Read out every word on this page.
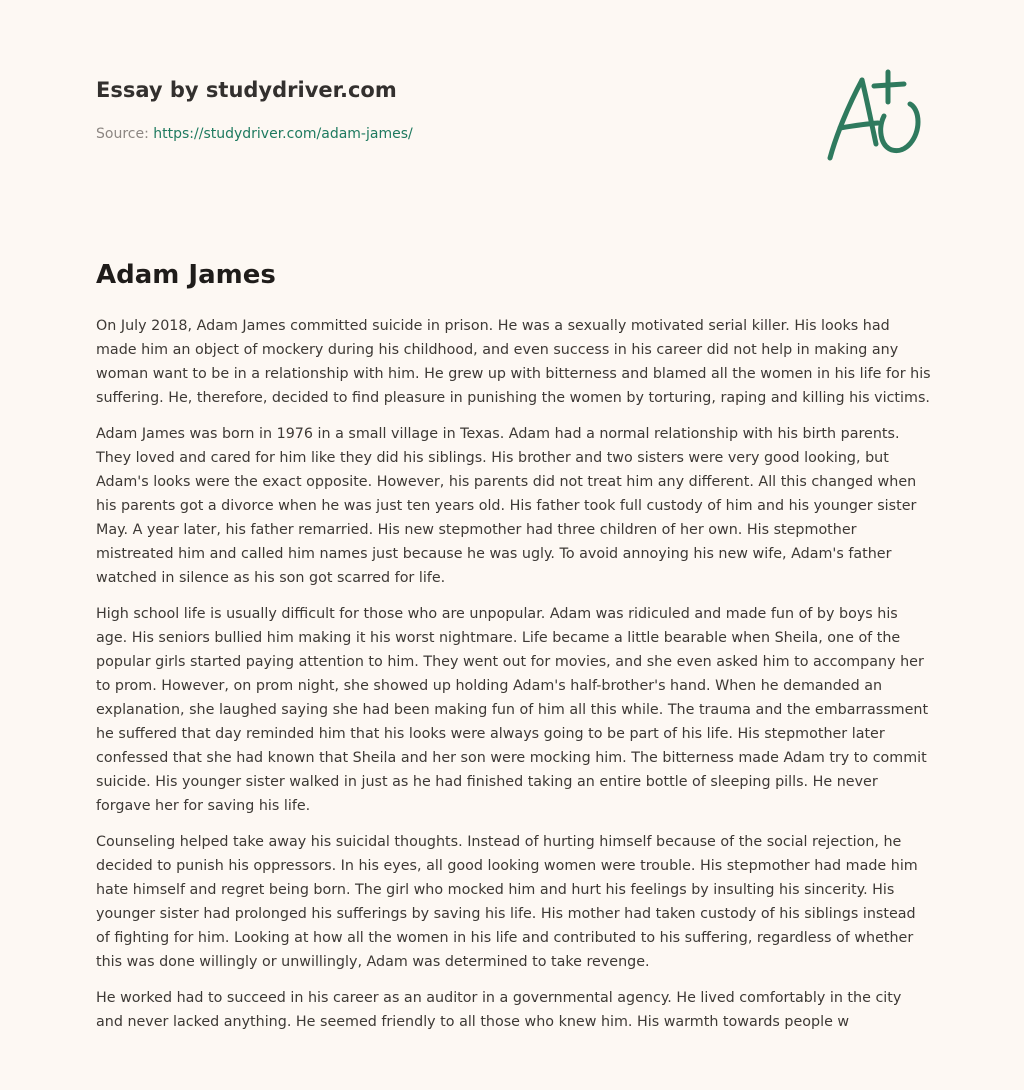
Essay by studydriver.com
Source: https://studydriver.com/adam-james/
Adam James

On July 2018, Adam James committed suicide in prison. He was a sexually motivated serial killer. His looks had made him an object of mockery during his childhood, and even success in his career did not help in making any woman want to be in a relationship with him. He grew up with bitterness and blamed all the women in his life for his suffering. He, therefore, decided to find pleasure in punishing the women by torturing, raping and killing his victims.

Adam James was born in 1976 in a small village in Texas. Adam had a normal relationship with his birth parents. They loved and cared for him like they did his siblings. His brother and two sisters were very good looking, but Adam's looks were the exact opposite. However, his parents did not treat him any different. All this changed when his parents got a divorce when he was just ten years old. His father took full custody of him and his younger sister May. A year later, his father remarried. His new stepmother had three children of her own. His stepmother mistreated him and called him names just because he was ugly. To avoid annoying his new wife, Adam's father watched in silence as his son got scarred for life.

High school life is usually difficult for those who are unpopular. Adam was ridiculed and made fun of by boys his age. His seniors bullied him making it his worst nightmare. Life became a little bearable when Sheila, one of the popular girls started paying attention to him. They went out for movies, and she even asked him to accompany her to prom. However, on prom night, she showed up holding Adam's half-brother's hand. When he demanded an explanation, she laughed saying she had been making fun of him all this while. The trauma and the embarrassment he suffered that day reminded him that his looks were always going to be part of his life. His stepmother later confessed that she had known that Sheila and her son were mocking him. The bitterness made Adam try to commit suicide. His younger sister walked in just as he had finished taking an entire bottle of sleeping pills. He never forgave her for saving his life.

Counseling helped take away his suicidal thoughts. Instead of hurting himself because of the social rejection, he decided to punish his oppressors. In his eyes, all good looking women were trouble. His stepmother had made him hate himself and regret being born. The girl who mocked him and hurt his feelings by insulting his sincerity. His younger sister had prolonged his sufferings by saving his life. His mother had taken custody of his siblings instead of fighting for him. Looking at how all the women in his life and contributed to his suffering, regardless of whether this was done willingly or unwillingly, Adam was determined to take revenge.

He worked had to succeed in his career as an auditor in a governmental agency. He lived comfortably in the city and never lacked anything. He seemed friendly to all those who knew him. His warmth towards people w
